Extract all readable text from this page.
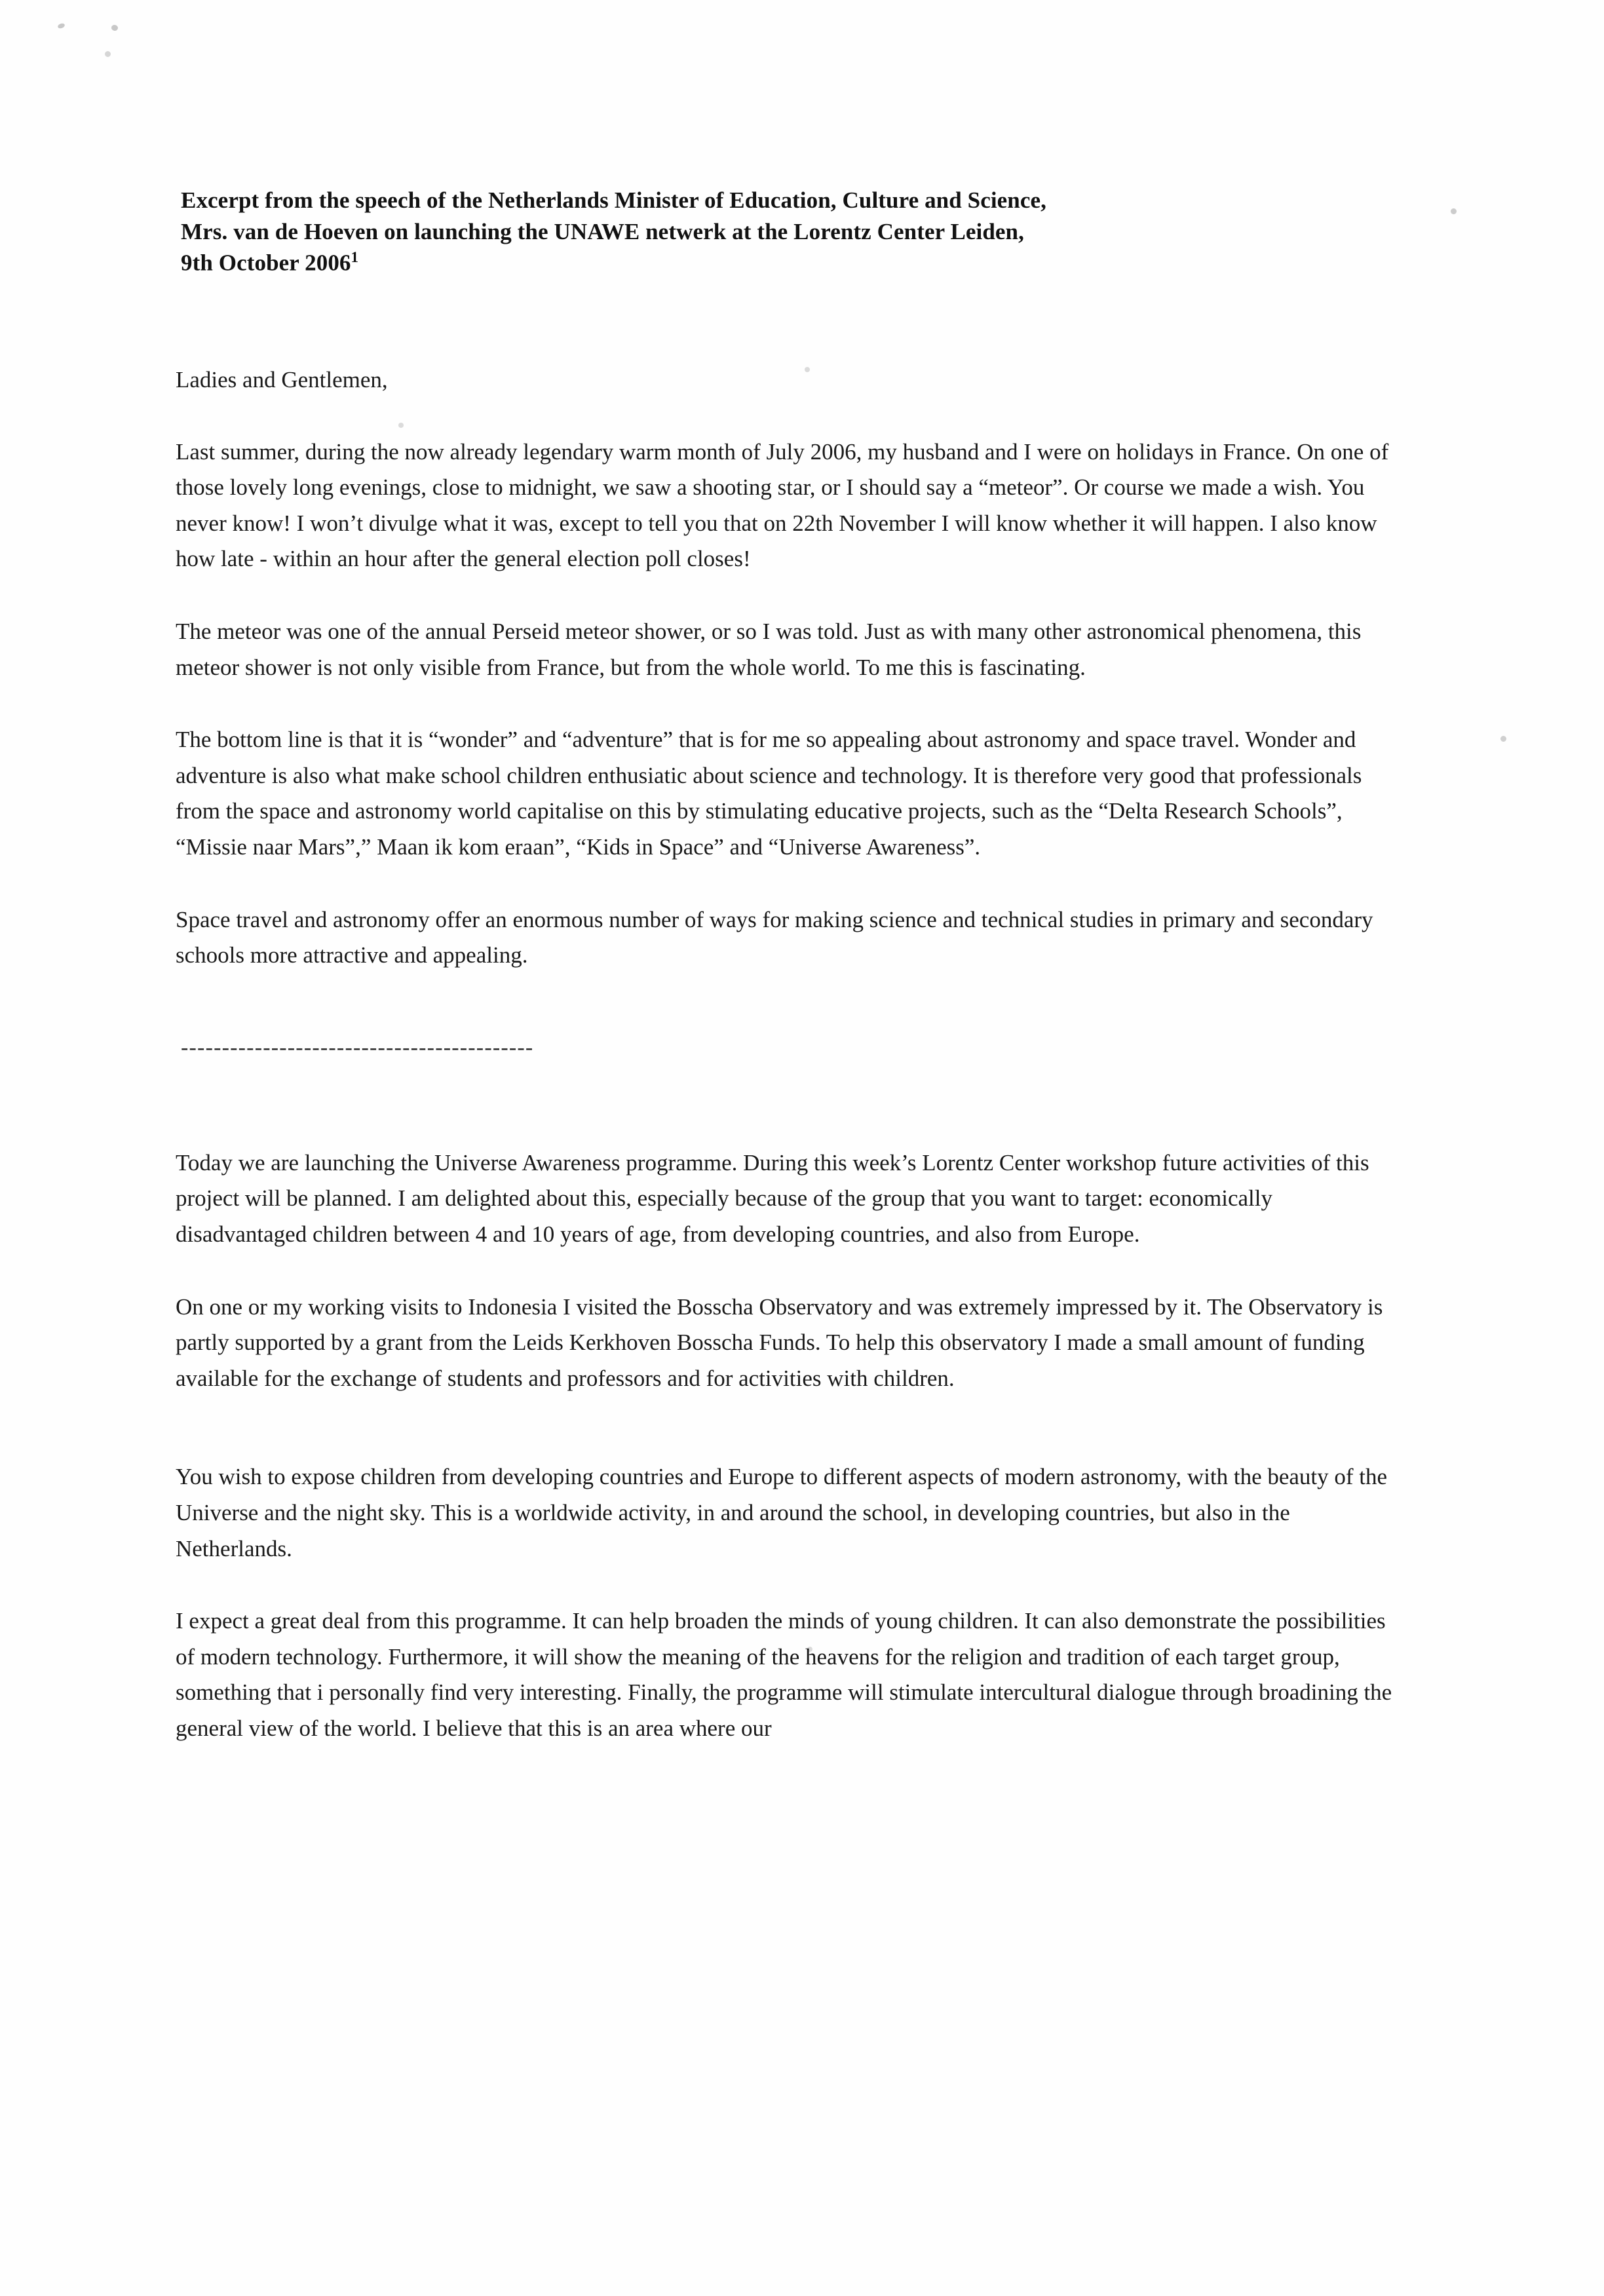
Excerpt from the speech of the Netherlands Minister of Education, Culture and Science,
Mrs. van de Hoeven on launching the UNAWE netwerk at the Lorentz Center Leiden,
9th October 2006$^1$

Ladies and Gentlemen,

Last summer, during the now already legendary warm month of July 2006, my husband and I were on holidays in France. On one of those lovely long evenings, close to midnight, we saw a shooting star, or I should say a “meteor”. Or course we made a wish. You never know! I won’t divulge what it was, except to tell you that on 22th November I will know whether it will happen. I also know how late - within an hour after the general election poll closes!

The meteor was one of the annual Perseid meteor shower, or so I was told. Just as with many other astronomical phenomena, this meteor shower is not only visible from France, but from the whole world. To me this is fascinating.

The bottom line is that it is “wonder” and “adventure” that is for me so appealing about astronomy and space travel. Wonder and adventure is also what make school children enthusiatic about science and technology. It is therefore very good that professionals from the space and astronomy world capitalise on this by stimulating educative projects, such as the “Delta Research Schools”, “Missie naar Mars”,” Maan ik kom eraan”, “Kids in Space” and “Universe Awareness”.

Space travel and astronomy offer an enormous number of ways for making science and technical studies in primary and secondary schools more attractive and appealing.

-------------------------------------------

Today we are launching the Universe Awareness programme. During this week’s Lorentz Center workshop future activities of this project will be planned. I am delighted about this, especially because of the group that you want to target: economically disadvantaged children between 4 and 10 years of age, from developing countries, and also from Europe.

On one or my working visits to Indonesia I visited the Bosscha Observatory and was extremely impressed by it. The Observatory is partly supported by a grant from the Leids Kerkhoven Bosscha Funds. To help this observatory I made a small amount of funding available for the exchange of students and professors and for activities with children.

You wish to expose children from developing countries and Europe to different aspects of modern astronomy, with the beauty of the Universe and the night sky. This is a worldwide activity, in and around the school, in developing countries, but also in the Netherlands.

I expect a great deal from this programme. It can help broaden the minds of young children. It can also demonstrate the possibilities of modern technology. Furthermore, it will show the meaning of the heavens for the religion and tradition of each target group, something that i personally find very interesting. Finally, the programme will stimulate intercultural dialogue through broadining the general view of the world. I believe that this is an area where our
